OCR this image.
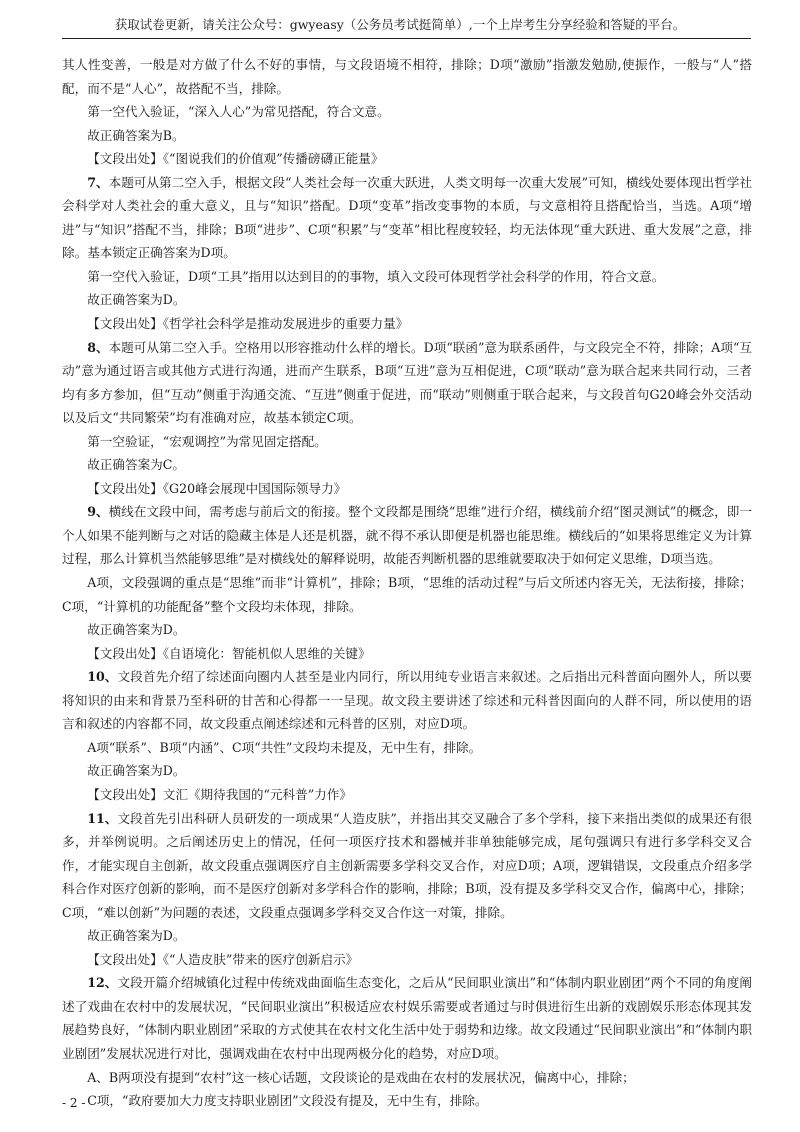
获取试卷更新，请关注公众号：gwyeasy（公务员考试挺简单）,一个上岸考生分享经验和答疑的平台。

其人性变善，一般是对方做了什么不好的事情，与文段语境不相符，排除；D项“激励”指激发勉励,使振作，一般与“人”搭配，而不是“人心”，故搭配不当，排除。

第一空代入验证，“深入人心”为常见搭配，符合文意。

故正确答案为B。

【文段出处】《“图说我们的价值观”传播磅礴正能量》

7、本题可从第二空入手，根据文段“人类社会每一次重大跃进，人类文明每一次重大发展”可知，横线处要体现出哲学社会科学对人类社会的重大意义，且与“知识”搭配。D项“变革”指改变事物的本质，与文意相符且搭配恰当，当选。A项“增进”与“知识”搭配不当，排除；B项“进步”、C项“积累”与“变革”相比程度较轻，均无法体现“重大跃进、重大发展”之意，排除。基本锁定正确答案为D项。

第一空代入验证，D项“工具”指用以达到目的的事物，填入文段可体现哲学社会科学的作用，符合文意。

故正确答案为D。

【文段出处】《哲学社会科学是推动发展进步的重要力量》

8、本题可从第二空入手。空格用以形容推动什么样的增长。D项“联函”意为联系函件，与文段完全不符，排除；A项“互动”意为通过语言或其他方式进行沟通，进而产生联系，B项“互进”意为互相促进，C项“联动”意为联合起来共同行动，三者均有多方参加，但“互动”侧重于沟通交流、“互进”侧重于促进，而“联动”则侧重于联合起来，与文段首句G20峰会外交活动以及后文“共同繁荣”均有准确对应，故基本锁定C项。

第一空验证，“宏观调控”为常见固定搭配。

故正确答案为C。

【文段出处】《G20峰会展现中国国际领导力》

9、横线在文段中间，需考虑与前后文的衔接。整个文段都是围绕“思维”进行介绍，横线前介绍“图灵测试”的概念，即一个人如果不能判断与之对话的隐藏主体是人还是机器，就不得不承认即便是机器也能思维。横线后的“如果将思维定义为计算过程，那么计算机当然能够思维”是对横线处的解释说明，故能否判断机器的思维就要取决于如何定义思维，D项当选。

A项，文段强调的重点是“思维”而非“计算机”，排除；B项，“思维的活动过程”与后文所述内容无关，无法衔接，排除；C项，“计算机的功能配备”整个文段均未体现，排除。

故正确答案为D。

【文段出处】《自语境化：智能机似人思维的关键》

10、文段首先介绍了综述面向圈内人甚至是业内同行，所以用纯专业语言来叙述。之后指出元科普面向圈外人，所以要将知识的由来和背景乃至科研的甘苦和心得都一一呈现。故文段主要讲述了综述和元科普因面向的人群不同，所以使用的语言和叙述的内容都不同，故文段重点阐述综述和元科普的区别，对应D项。

A项“联系”、B项“内涵”、C项“共性”文段均未提及，无中生有，排除。

故正确答案为D。

【文段出处】文汇《期待我国的“元科普”力作》

11、文段首先引出科研人员研发的一项成果“人造皮肤”，并指出其交叉融合了多个学科，接下来指出类似的成果还有很多，并举例说明。之后阐述历史上的情况，任何一项医疗技术和器械并非单独能够完成，尾句强调只有进行多学科交叉合作，才能实现自主创新，故文段重点强调医疗自主创新需要多学科交叉合作，对应D项；A项，逻辑错误，文段重点介绍多学科合作对医疗创新的影响，而不是医疗创新对多学科合作的影响，排除；B项，没有提及多学科交叉合作，偏离中心，排除；C项，“难以创新”为问题的表述，文段重点强调多学科交叉合作这一对策，排除。

故正确答案为D。

【文段出处】《“人造皮肤”带来的医疗创新启示》

12、文段开篇介绍城镇化过程中传统戏曲面临生态变化，之后从“民间职业演出”和“体制内职业剧团”两个不同的角度阐述了戏曲在农村中的发展状况，“民间职业演出”积极适应农村娱乐需要或者通过与时俱进衍生出新的戏剧娱乐形态体现其发展趋势良好，“体制内职业剧团”采取的方式使其在农村文化生活中处于弱势和边缘。故文段通过“民间职业演出”和“体制内职业剧团”发展状况进行对比，强调戏曲在农村中出现两极分化的趋势，对应D项。

A、B两项没有提到“农村”这一核心话题，文段谈论的是戏曲在农村的发展状况，偏离中心，排除；

C项，“政府要加大力度支持职业剧团”文段没有提及，无中生有，排除。

- 2 -
